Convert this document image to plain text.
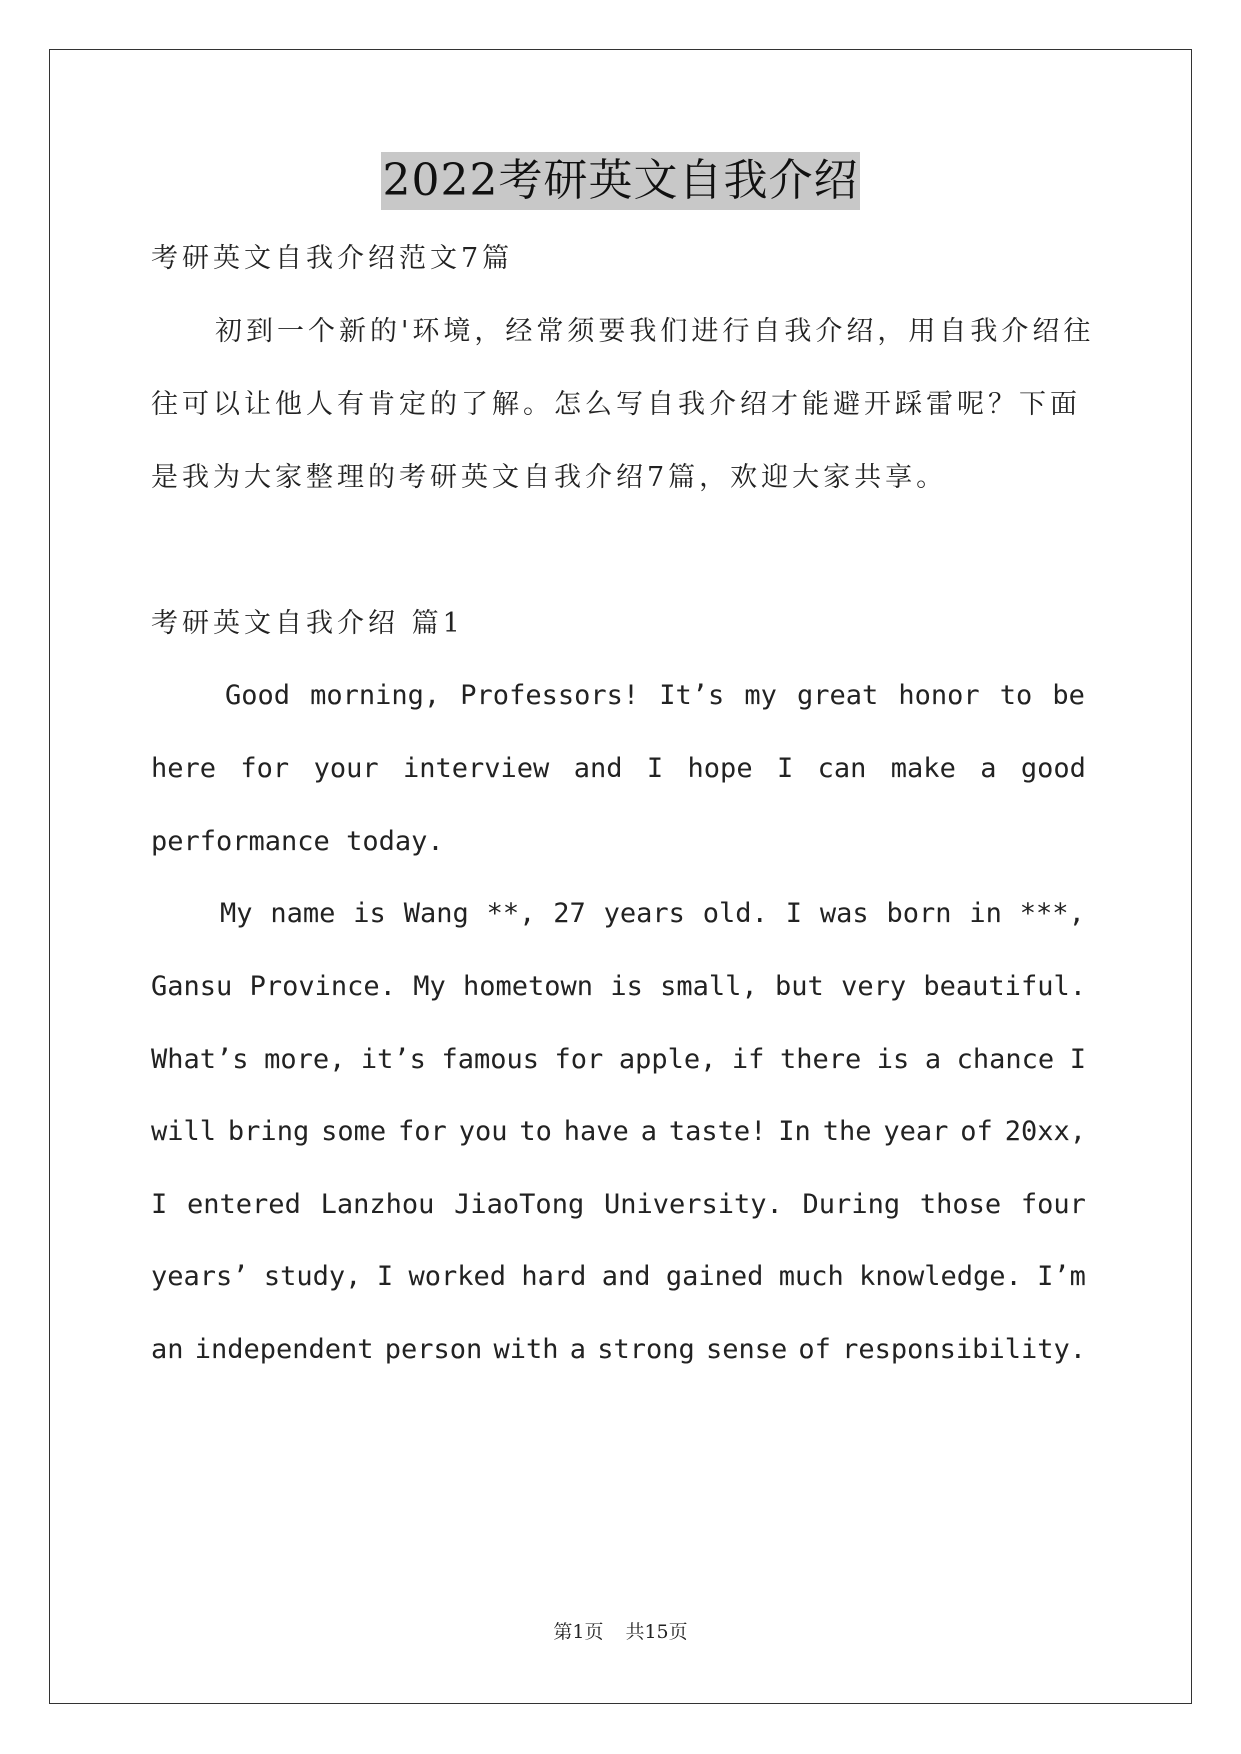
2022考研英文自我介绍
考研英文自我介绍范文7篇
初到一个新的'环境，经常须要我们进行自我介绍，用自我介绍往
往可以让他人有肯定的了解。怎么写自我介绍才能避开踩雷呢？下面
是我为大家整理的考研英文自我介绍7篇，欢迎大家共享。
考研英文自我介绍 篇1
Good morning, Professors! It’s my great honor to be
here for your interview and I hope I can make a good
performance today.
My name is Wang **, 27 years old. I was born in ***,
Gansu Province. My hometown is small, but very beautiful.
What’s more, it’s famous for apple, if there is a chance I
will bring some for you to have a taste! In the year of 20xx,
I entered Lanzhou JiaoTong University. During those four
years’ study, I worked hard and gained much knowledge. I’m
an independent person with a strong sense of responsibility.
第1页 共15页
